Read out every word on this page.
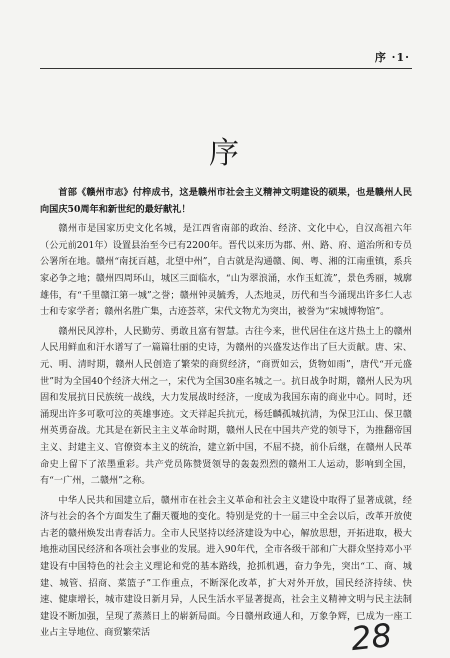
序 ·1·
序

首部《赣州市志》付梓成书，这是赣州市社会主义精神文明建设的硕果，也是赣州人民向国庆50周年和新世纪的最好献礼！

赣州市是国家历史文化名城，是江西省南部的政治、经济、文化中心，自汉高祖六年（公元前201年）设置县治至今已有2200年。晋代以来历为郡、州、路、府、道治所和专员公署所在地。赣州“南抚百越，北望中州”，自古就是沟通赣、闽、粤、湘的江南重镇，系兵家必争之地；赣州四周环山，城区三面临水，“山为翠浪涌，水作玉虹流”，景色秀丽，城廓雄伟，有“千里赣江第一城”之誉；赣州钟灵毓秀，人杰地灵，历代和当今涌现出许多仁人志士和专家学者；赣州名胜广集，古迹荟萃，宋代文物尤为突出，被誉为“宋城博物馆”。

赣州民风淳朴，人民勤劳、勇敢且富有智慧。古往今来，世代居住在这片热土上的赣州人民用鲜血和汗水谱写了一篇篇壮丽的史诗，为赣州的兴盛发达作出了巨大贡献。唐、宋、元、明、清时期，赣州人民创造了繁荣的商贸经济，“商贾如云，货物如雨”，唐代“开元盛世”时为全国40个经济大州之一，宋代为全国30座名城之一。抗日战争时期，赣州人民为巩固和发展抗日民族统一战线，大力发展战时经济，一度成为我国东南的商业中心。同时，还涌现出许多可歌可泣的英雄事迹。文天祥起兵抗元，杨廷麟孤城抗清，为保卫江山、保卫赣州英勇奋战。尤其是在新民主主义革命时期，赣州人民在中国共产党的领导下，为推翻帝国主义、封建主义、官僚资本主义的统治，建立新中国，不屈不挠，前仆后继，在赣州人民革命史上留下了浓墨重彩。共产党员陈赞贤领导的轰轰烈烈的赣州工人运动，影响到全国，有“一广州，二赣州”之称。

中华人民共和国建立后，赣州市在社会主义革命和社会主义建设中取得了显著成就，经济与社会的各个方面发生了翻天覆地的变化。特别是党的十一届三中全会以后，改革开放使古老的赣州焕发出青春活力。全市人民坚持以经济建设为中心，解放思想，开拓进取，极大地推动国民经济和各项社会事业的发展。进入90年代，全市各级干部和广大群众坚持邓小平建设有中国特色的社会主义理论和党的基本路线，抢抓机遇，奋力争先，突出“工、商、城建、城管、招商、菜篮子”工作重点，不断深化改革，扩大对外开放，国民经济持续、快速、健康增长，城市建设日新月异，人民生活水平显著提高，社会主义精神文明与民主法制建设不断加强，呈现了蒸蒸日上的崭新局面。今日赣州政通人和，万象争辉，已成为一座工业占主导地位、商贸繁荣活	28
